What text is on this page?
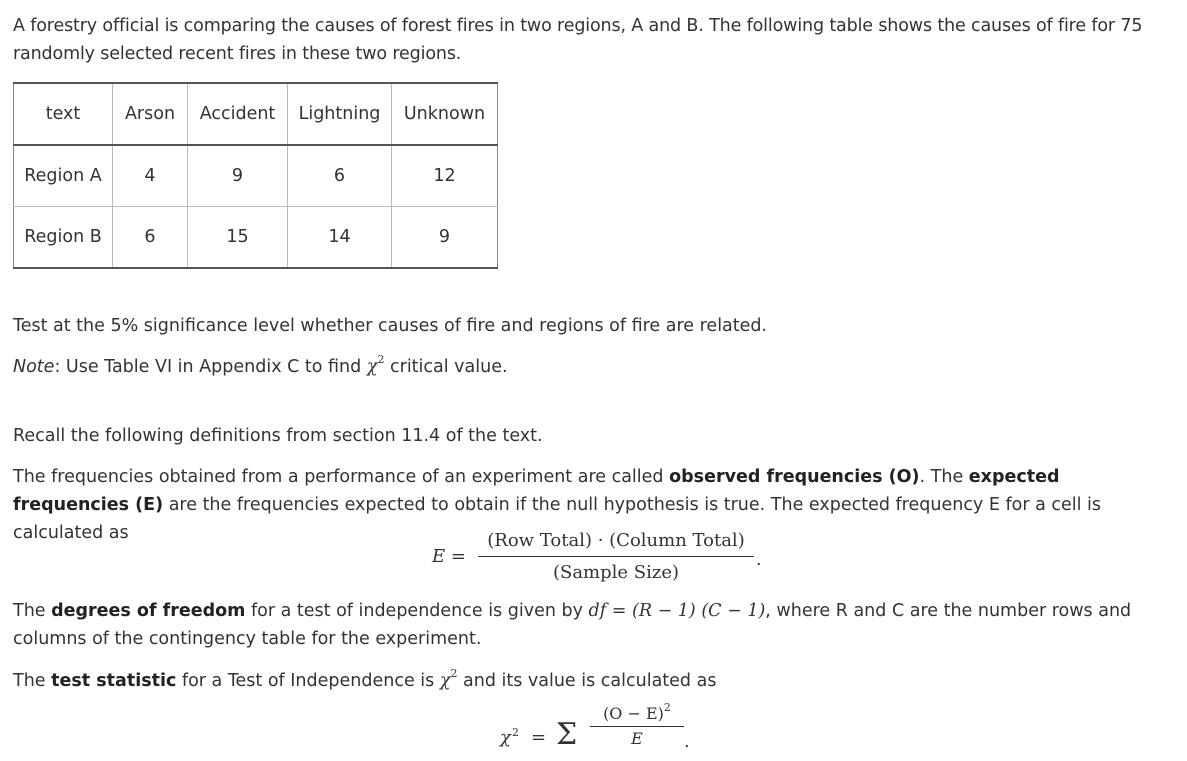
A forestry official is comparing the causes of forest fires in two regions, A and B. The following table shows the causes of fire for 75 randomly selected recent fires in these two regions.

text	Arson	Accident	Lightning	Unknown
Region A	4	9	6	12
Region B	6	15	14	9

Test at the 5% significance level whether causes of fire and regions of fire are related.

Note: Use Table VI in Appendix C to find $\chi^2$ critical value.

Recall the following definitions from section 11.4 of the text.

The frequencies obtained from a performance of an experiment are called observed frequencies (O). The expected frequencies (E) are the frequencies expected to obtain if the null hypothesis is true. The expected frequency E for a cell is calculated as

E =
(Row Total) · (Column Total)
(Sample Size)
.

The degrees of freedom for a test of independence is given by df = (R − 1) (C − 1), where R and C are the number rows and columns of the contingency table for the experiment.

The test statistic for a Test of Independence is $\chi^2$ and its value is calculated as

χ 2 = Σ
$(O - E)^2$
E	.
